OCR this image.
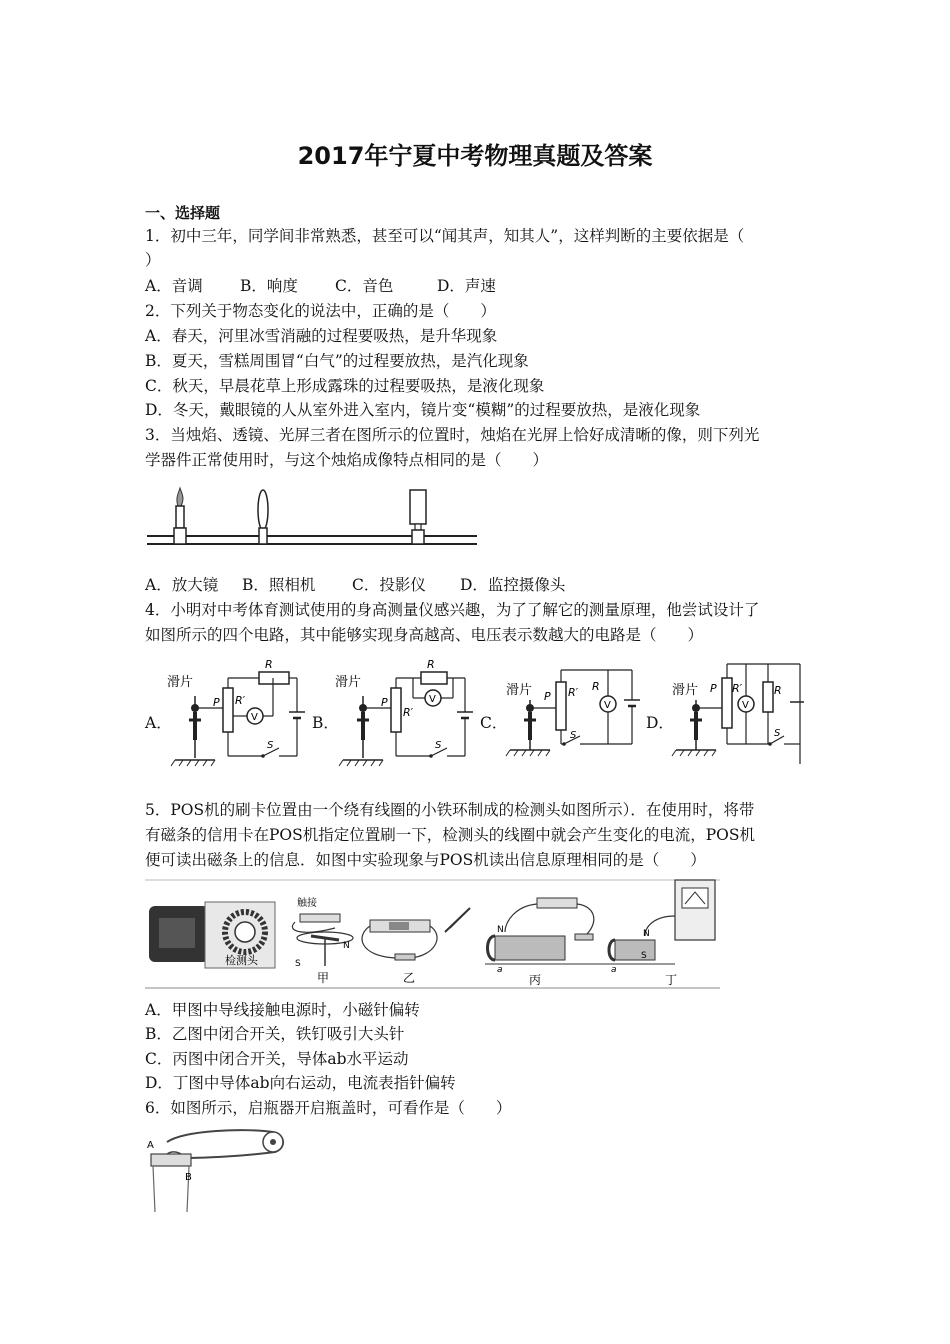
2017年宁夏中考物理真题及答案
一、选择题
1．初中三年，同学间非常熟悉，甚至可以“闻其声，知其人”，这样判断的主要依据是（
）
A．音调 B．响度 C．音色	D．声速
2．下列关于物态变化的说法中，正确的是（　　）
A．春天，河里冰雪消融的过程要吸热，是升华现象
B．夏天，雪糕周围冒“白气”的过程要放热，是汽化现象
C．秋天，早晨花草上形成露珠的过程要吸热，是液化现象
D．冬天，戴眼镜的人从室外进入室内，镜片变“模糊”的过程要放热，是液化现象
3．当烛焰、透镜、光屏三者在图所示的位置时，烛焰在光屏上恰好成清晰的像，则下列光
学器件正常使用时，与这个烛焰成像特点相同的是（　　）
A．放大镜 B．照相机 C．投影仪 D．监控摄像头
4．小明对中考体育测试使用的身高测量仪感兴趣，为了了解它的测量原理，他尝试设计了
如图所示的四个电路，其中能够实现身高越高、电压表示数越大的电路是（　　）
A．	B．	C．	D．
滑片
P R′
R
V
S
滑片
P
R′
R
V
S
滑片 P R′ R
V
S
滑片 P R′
V
R
S
5．POS机的刷卡位置由一个绕有线圈的小铁环制成的检测头如图所示）．在使用时，将带
有磁条的信用卡在POS机指定位置刷一下，检测头的线圈中就会产生变化的电流，POS机
便可读出磁条上的信息．如图中实验现象与POS机读出信息原理相同的是（　　）
检测头
触接
S
N
甲	乙
N
a
丙
N
S
a
丁
A．甲图中导线接触电源时，小磁针偏转
B．乙图中闭合开关，铁钉吸引大头针
C．丙图中闭合开关，导体ab水平运动
D．丁图中导体ab向右运动，电流表指针偏转
6．如图所示，启瓶器开启瓶盖时，可看作是（　　）
A
B
